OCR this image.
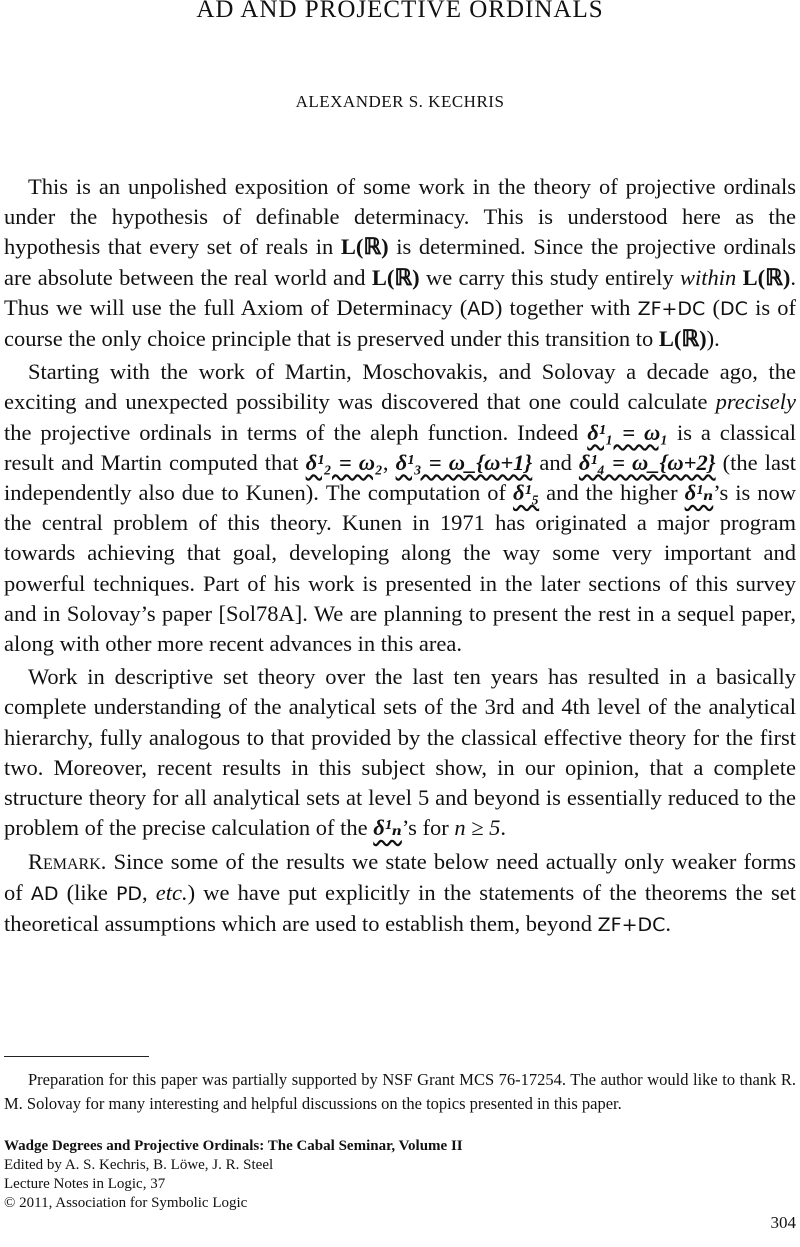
AD AND PROJECTIVE ORDINALS
ALEXANDER S. KECHRIS

This is an unpolished exposition of some work in the theory of projective ordinals under the hypothesis of definable determinacy. This is understood here as the hypothesis that every set of reals in L(ℝ) is determined. Since the projective ordinals are absolute between the real world and L(ℝ) we carry this study entirely within L(ℝ). Thus we will use the full Axiom of Determinacy (AD) together with ZF+DC (DC is of course the only choice principle that is preserved under this transition to L(ℝ)).

Starting with the work of Martin, Moschovakis, and Solovay a decade ago, the exciting and unexpected possibility was discovered that one could calculate precisely the projective ordinals in terms of the aleph function. Indeed δ¹₁ = ω₁ is a classical result and Martin computed that δ¹₂ = ω₂, δ¹₃ = ω_{ω+1} and δ¹₄ = ω_{ω+2} (the last independently also due to Kunen). The computation of δ¹₅ and the higher δ¹ₙ’s is now the central problem of this theory. Kunen in 1971 has originated a major program towards achieving that goal, developing along the way some very important and powerful techniques. Part of his work is presented in the later sections of this survey and in Solovay’s paper [Sol78A]. We are planning to present the rest in a sequel paper, along with other more recent advances in this area.

Work in descriptive set theory over the last ten years has resulted in a basically complete understanding of the analytical sets of the 3rd and 4th level of the analytical hierarchy, fully analogous to that provided by the classical effective theory for the first two. Moreover, recent results in this subject show, in our opinion, that a complete structure theory for all analytical sets at level 5 and beyond is essentially reduced to the problem of the precise calculation of the δ¹ₙ’s for n ≥ 5.

Remark. Since some of the results we state below need actually only weaker forms of AD (like PD, etc.) we have put explicitly in the statements of the theorems the set theoretical assumptions which are used to establish them, beyond ZF+DC.

Preparation for this paper was partially supported by NSF Grant MCS 76-17254. The author would like to thank R. M. Solovay for many interesting and helpful discussions on the topics presented in this paper.
Wadge Degrees and Projective Ordinals: The Cabal Seminar, Volume II
Edited by A. S. Kechris, B. Löwe, J. R. Steel
Lecture Notes in Logic, 37
© 2011, Association for Symbolic Logic
304
